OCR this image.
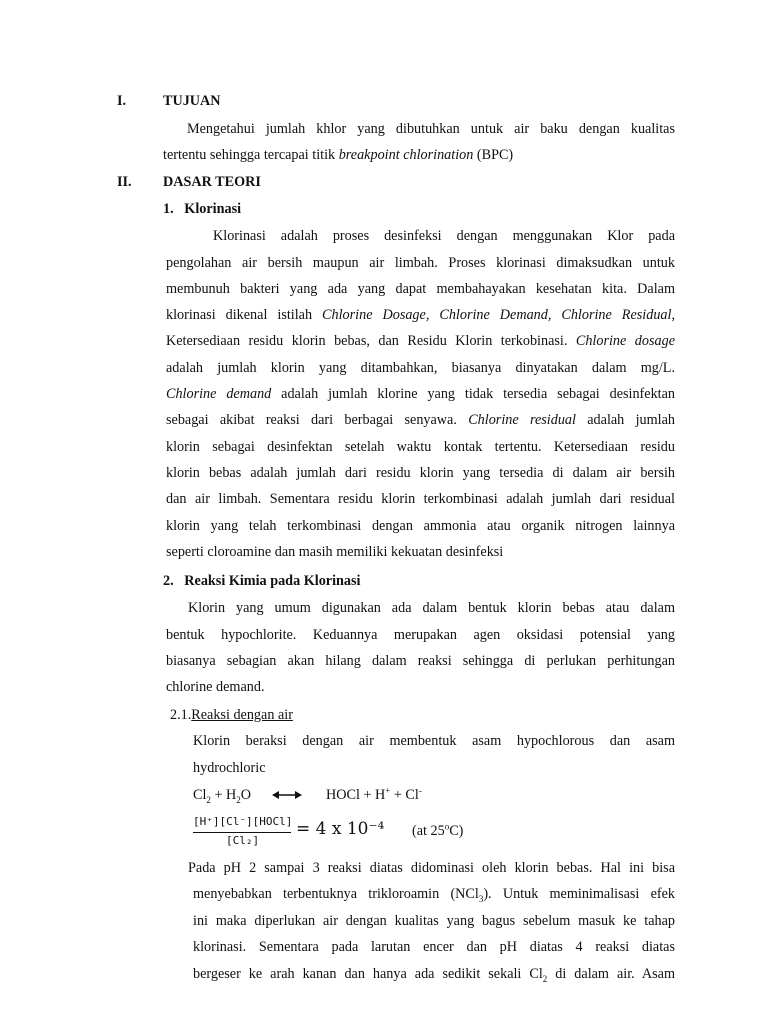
I.	TUJUAN
Mengetahui jumlah khlor yang dibutuhkan untuk air baku dengan kualitas
tertentu sehingga tercapai titik breakpoint chlorination (BPC)
II. DASAR TEORI
1.   Klorinasi
Klorinasi adalah proses desinfeksi dengan menggunakan Klor pada
pengolahan air bersih maupun air limbah. Proses klorinasi dimaksudkan untuk
membunuh bakteri yang ada yang dapat membahayakan kesehatan kita. Dalam
klorinasi dikenal istilah Chlorine Dosage, Chlorine Demand, Chlorine Residual,
Ketersediaan residu klorin bebas, dan Residu Klorin terkobinasi. Chlorine dosage
adalah jumlah klorin yang ditambahkan, biasanya dinyatakan dalam mg/L.
Chlorine demand adalah jumlah klorine yang tidak tersedia sebagai desinfektan
sebagai akibat reaksi dari berbagai senyawa. Chlorine residual adalah jumlah
klorin sebagai desinfektan setelah waktu kontak tertentu. Ketersediaan residu
klorin bebas adalah jumlah dari residu klorin yang tersedia di dalam air bersih
dan air limbah. Sementara residu klorin terkombinasi adalah jumlah dari residual
klorin yang telah terkombinasi dengan ammonia atau organik nitrogen lainnya
seperti cloroamine dan masih memiliki kekuatan desinfeksi
2.   Reaksi Kimia pada Klorinasi
Klorin yang umum digunakan ada dalam bentuk klorin bebas atau dalam
bentuk hypochlorite. Keduannya merupakan agen oksidasi potensial yang
biasanya sebagian akan hilang dalam reaksi sehingga di perlukan perhitungan
chlorine demand.
2.1.Reaksi dengan air
Klorin beraksi dengan air membentuk asam hypochlorous dan asam
hydrochloric
$Cl_2 + H_2O$	HOCl + H+ + Cl-
[H⁺][Cl⁻][HOCl]
[Cl₂]
= 4 x 10⁻⁴ (at 25$^o$C)
Pada pH 2 sampai 3 reaksi diatas didominasi oleh klorin bebas. Hal ini bisa
menyebabkan terbentuknya trikloroamin (NCl$_3$). Untuk meminimalisasi efek
ini maka diperlukan air dengan kualitas yang bagus sebelum masuk ke tahap
klorinasi. Sementara pada larutan encer dan pH diatas 4 reaksi diatas
bergeser ke arah kanan dan hanya ada sedikit sekali $Cl_2$ di dalam air. Asam
